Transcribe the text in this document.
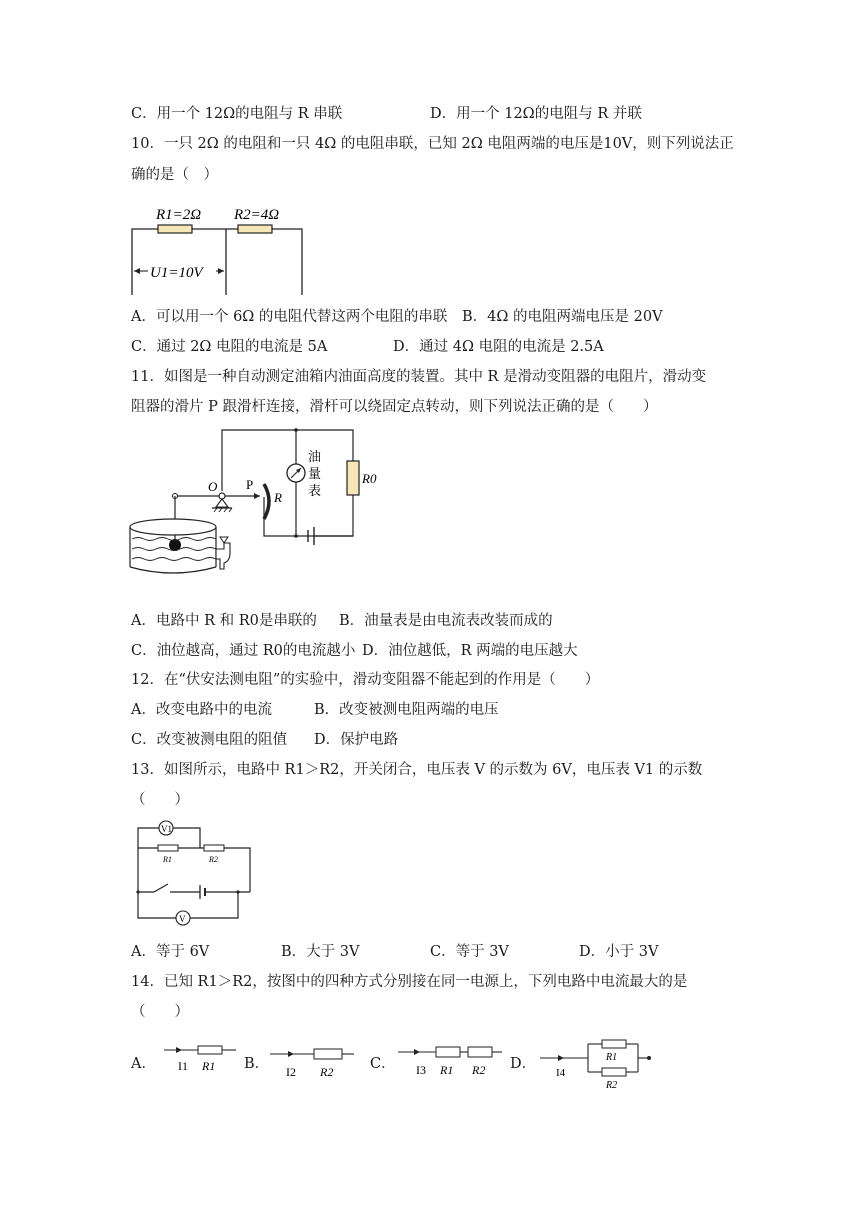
C．用一个 12Ω的电阻与 R 串联	D．用一个 12Ω的电阻与 R 并联
10．一只 2Ω 的电阻和一只 4Ω 的电阻串联，已知 2Ω 电阻两端的电压是10V，则下列说法正
确的是（　）
R1=2Ω R2=4Ω
U1=10V
A．可以用一个 6Ω 的电阻代替这两个电阻的串联 B．4Ω 的电阻两端电压是 20V
C．通过 2Ω 电阻的电流是 5A	D．通过 4Ω 电阻的电流是 2.5A
11．如图是一种自动测定油箱内油面高度的装置。其中 R 是滑动变阻器的电阻片，滑动变
阻器的滑片 P 跟滑杆连接，滑杆可以绕固定点转动，则下列说法正确的是（　　）
油
量
表
R0
O P
R
A．电路中 R 和 R0是串联的 B．油量表是由电流表改装而成的
C．油位越高，通过 R0的电流越小 D．油位越低，R 两端的电压越大
12．在“伏安法测电阻”的实验中，滑动变阻器不能起到的作用是（　　）
A．改变电路中的电流	B．改变被测电阻两端的电压
C．改变被测电阻的阻值 D．保护电路
13．如图所示，电路中 R1＞R2，开关闭合，电压表 V 的示数为 6V，电压表 V1 的示数
（　　）
V1
R1	R2
V
A．等于 6V	B．大于 3V	C．等于 3V	D．小于 3V
14．已知 R1＞R2，按图中的四种方式分别接在同一电源上，下列电路中电流最大的是
（　　）
A． I1 R1 B． I2 R2	C． I3 R1 R2 D．
I4
R1
R2
